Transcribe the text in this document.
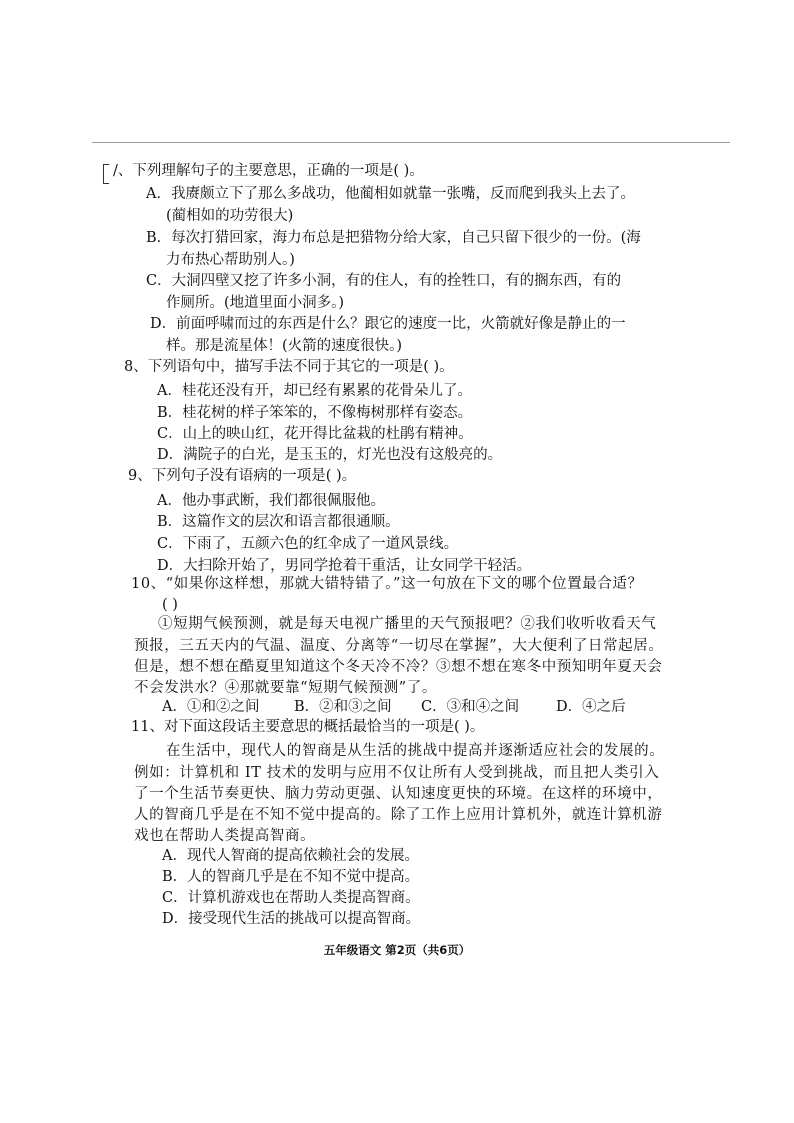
/、下列理解句子的主要意思，正确的一项是( )。
A．我赓颇立下了那么多战功，他蔺相如就靠一张嘴，反而爬到我头上去了。
(蔺相如的功劳很大)
B．每次打猎回家，海力布总是把猎物分给大家，自己只留下很少的一份。(海
力布热心帮助别人。)
C．大洞四壁又挖了许多小洞，有的住人，有的拴牲口，有的搁东西，有的
作厕所。(地道里面小洞多。)
D．前面呼啸而过的东西是什么？跟它的速度一比，火箭就好像是静止的一
样。那是流星体！(火箭的速度很快。)
8、下列语句中，描写手法不同于其它的一项是( )。
A．桂花还没有开，却已经有累累的花骨朵儿了。
B．桂花树的样子笨笨的，不像梅树那样有姿态。
C．山上的映山红，花开得比盆栽的杜鹃有精神。
D．满院子的白光，是玉玉的，灯光也没有这般亮的。
9、下列句子没有语病的一项是( )。
A．他办事武断，我们都很佩服他。
B．这篇作文的层次和语言都很通顺。
C．下雨了，五颜六色的红伞成了一道风景线。
D．大扫除开始了，男同学抢着干重活，让女同学干轻活。
10、“如果你这样想，那就大错特错了。”这一句放在下文的哪个位置最合适？
( )
①短期气候预测，就是每天电视广播里的天气预报吧？②我们收听收看天气
预报，三五天内的气温、温度、分离等“一切尽在掌握”，大大便利了日常起居。
但是，想不想在酷夏里知道这个冬天冷不冷？③想不想在寒冬中预知明年夏天会
不会发洪水？④那就要靠“短期气候预测”了。
A．①和②之间 B．②和③之间 C．③和④之间	D．④之后
11、对下面这段话主要意思的概括最恰当的一项是( )。
在生活中，现代人的智商是从生活的挑战中提高并逐渐适应社会的发展的。
例如：计算机和 IT 技术的发明与应用不仅让所有人受到挑战，而且把人类引入
了一个生活节奏更快、脑力劳动更强、认知速度更快的环境。在这样的环境中，
人的智商几乎是在不知不觉中提高的。除了工作上应用计算机外，就连计算机游
戏也在帮助人类提高智商。
A．现代人智商的提高依赖社会的发展。
B．人的智商几乎是在不知不觉中提高。
C．计算机游戏也在帮助人类提高智商。
D．接受现代生活的挑战可以提高智商。
五年级语文 第2页（共6页）
